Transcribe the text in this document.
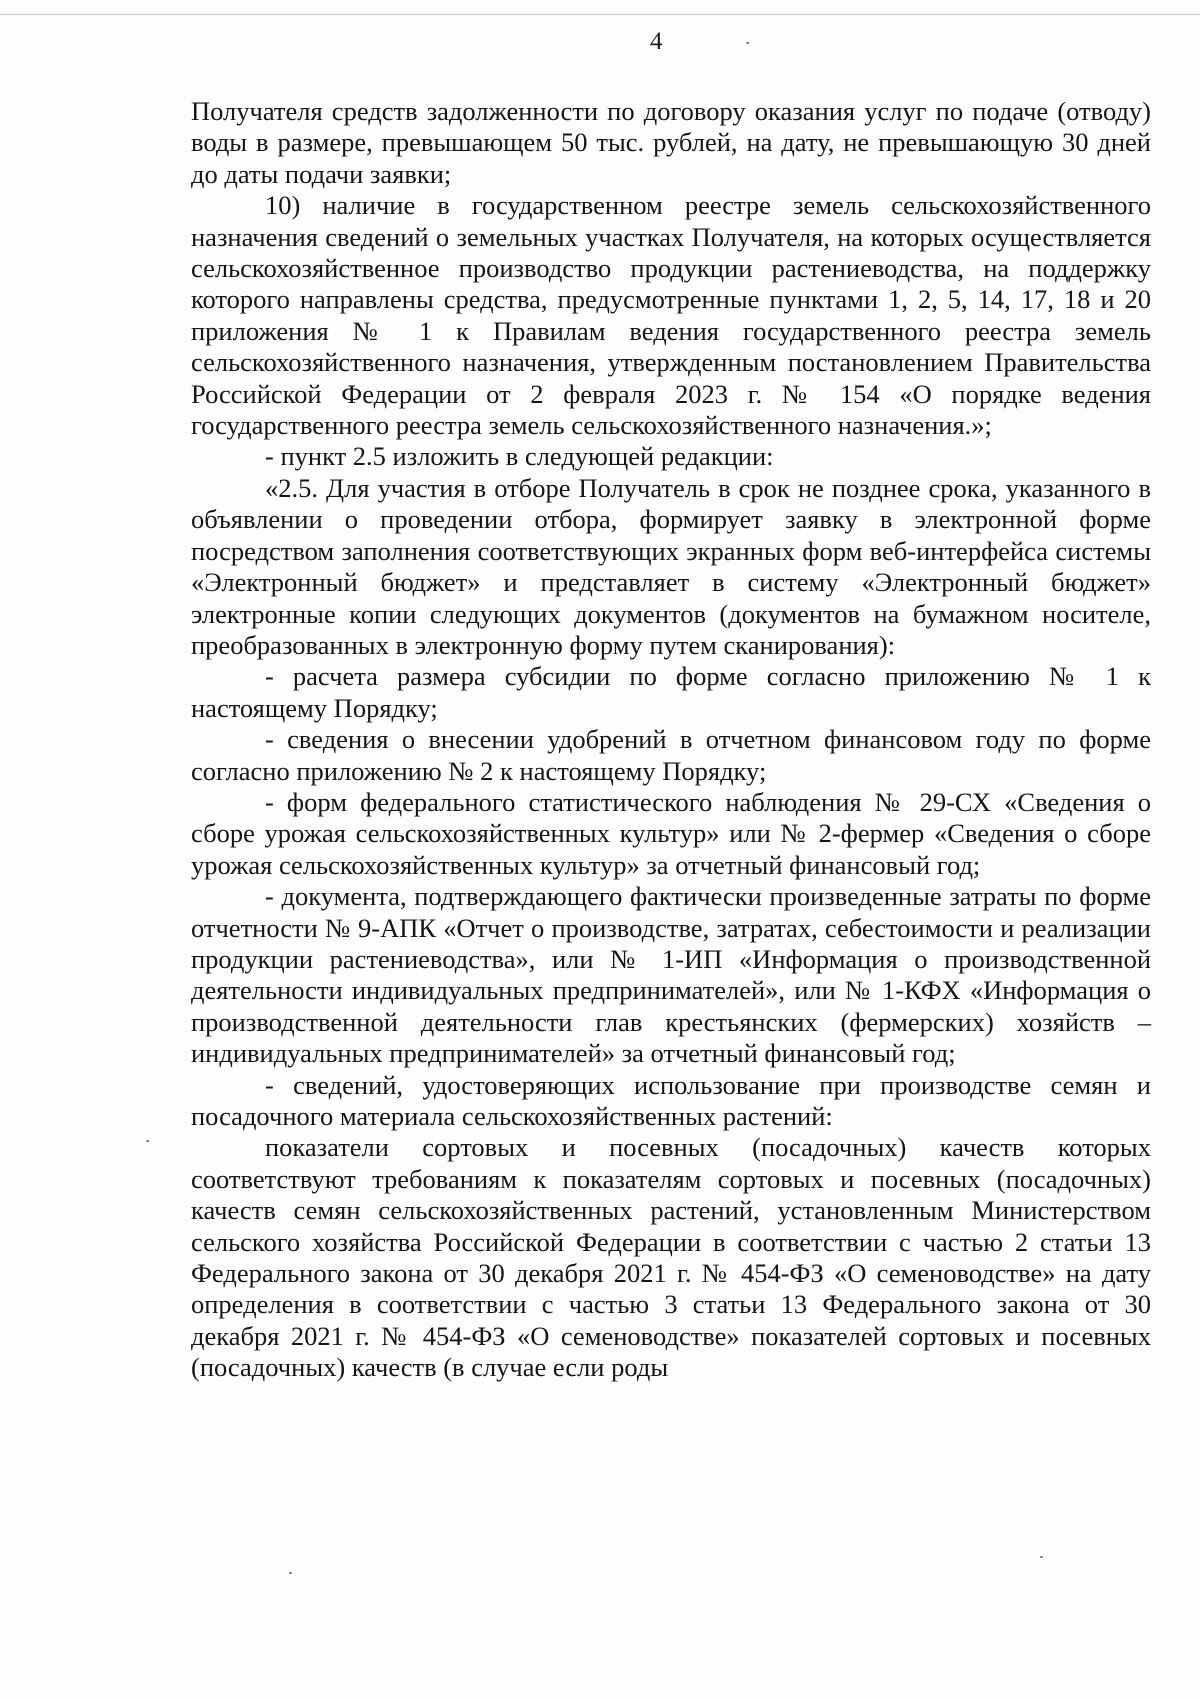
4

Получателя средств задолженности по договору оказания услуг по подаче (отводу) воды в размере, превышающем 50 тыс. рублей, на дату, не превышающую 30 дней до даты подачи заявки;

10) наличие в государственном реестре земель сельскохозяйственного назначения сведений о земельных участках Получателя, на которых осуществляется сельскохозяйственное производство продукции растениеводства, на поддержку которого направлены средства, предусмотренные пунктами 1, 2, 5, 14, 17, 18 и 20 приложения № 1 к Правилам ведения государственного реестра земель сельскохозяйственного назначения, утвержденным постановлением Правительства Российской Федерации от 2 февраля 2023 г. № 154 «О порядке ведения государственного реестра земель сельскохозяйственного назначения.»;

- пункт 2.5 изложить в следующей редакции:

«2.5. Для участия в отборе Получатель в срок не позднее срока, указанного в объявлении о проведении отбора, формирует заявку в электронной форме посредством заполнения соответствующих экранных форм веб-интерфейса системы «Электронный бюджет» и представляет в систему «Электронный бюджет» электронные копии следующих документов (документов на бумажном носителе, преобразованных в электронную форму путем сканирования):

- расчета размера субсидии по форме согласно приложению № 1 к настоящему Порядку;

- сведения о внесении удобрений в отчетном финансовом году по форме согласно приложению № 2 к настоящему Порядку;

- форм федерального статистического наблюдения № 29-СХ «Сведения о сборе урожая сельскохозяйственных культур» или № 2-фермер «Сведения о сборе урожая сельскохозяйственных культур» за отчетный финансовый год;

- документа, подтверждающего фактически произведенные затраты по форме отчетности № 9-АПК «Отчет о производстве, затратах, себестоимости и реализации продукции растениеводства», или № 1-ИП «Информация о производственной деятельности индивидуальных предпринимателей», или № 1-КФХ «Информация о производственной деятельности глав крестьянских (фермерских) хозяйств – индивидуальных предпринимателей» за отчетный финансовый год;

- сведений, удостоверяющих использование при производстве семян и посадочного материала сельскохозяйственных растений:

показатели сортовых и посевных (посадочных) качеств которых соответствуют требованиям к показателям сортовых и посевных (посадочных) качеств семян сельскохозяйственных растений, установленным Министерством сельского хозяйства Российской Федерации в соответствии с частью 2 статьи 13 Федерального закона от 30 декабря 2021 г. № 454-ФЗ «О семеноводстве» на дату определения в соответствии с частью 3 статьи 13 Федерального закона от 30 декабря 2021 г. № 454-ФЗ «О семеноводстве» показателей сортовых и посевных (посадочных) качеств (в случае если роды
